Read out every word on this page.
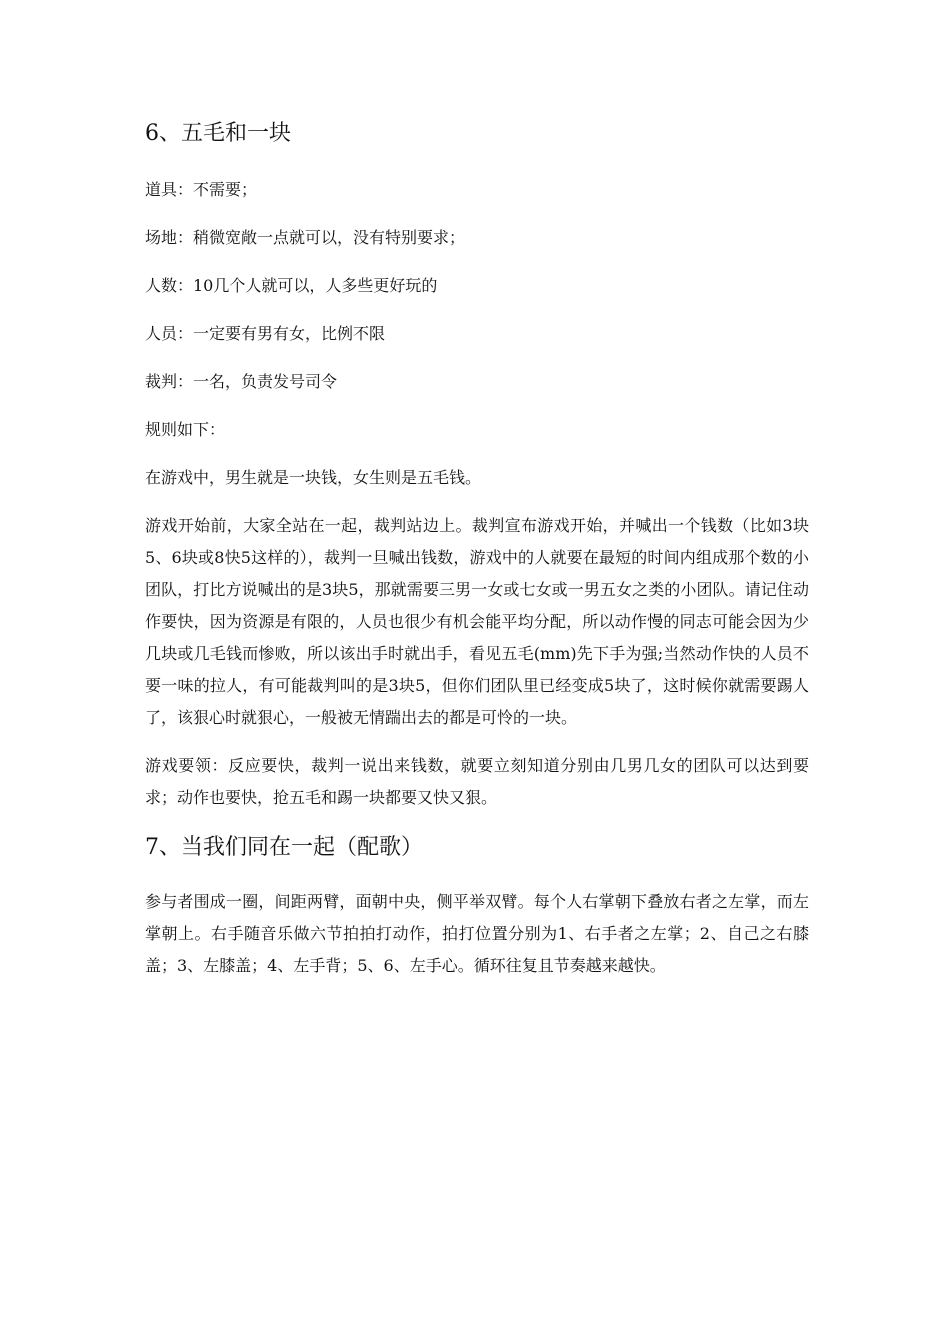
6、五毛和一块

道具：不需要；

场地：稍微宽敞一点就可以，没有特别要求；

人数：10几个人就可以，人多些更好玩的

人员：一定要有男有女，比例不限

裁判：一名，负责发号司令

规则如下：

在游戏中，男生就是一块钱，女生则是五毛钱。

游戏开始前，大家全站在一起，裁判站边上。裁判宣布游戏开始，并喊出一个钱数（比如3块5、6块或8快5这样的），裁判一旦喊出钱数，游戏中的人就要在最短的时间内组成那个数的小团队，打比方说喊出的是3块5，那就需要三男一女或七女或一男五女之类的小团队。请记住动作要快，因为资源是有限的，人员也很少有机会能平均分配，所以动作慢的同志可能会因为少几块或几毛钱而惨败，所以该出手时就出手，看见五毛(mm)先下手为强;当然动作快的人员不要一味的拉人，有可能裁判叫的是3块5，但你们团队里已经变成5块了，这时候你就需要踢人了，该狠心时就狠心，一般被无情踹出去的都是可怜的一块。

游戏要领：反应要快，裁判一说出来钱数，就要立刻知道分别由几男几女的团队可以达到要求；动作也要快，抢五毛和踢一块都要又快又狠。

7、当我们同在一起（配歌）

参与者围成一圈，间距两臂，面朝中央，侧平举双臂。每个人右掌朝下叠放右者之左掌，而左掌朝上。右手随音乐做六节拍拍打动作，拍打位置分别为1、右手者之左掌；2、自己之右膝盖；3、左膝盖；4、左手背；5、6、左手心。循环往复且节奏越来越快。
